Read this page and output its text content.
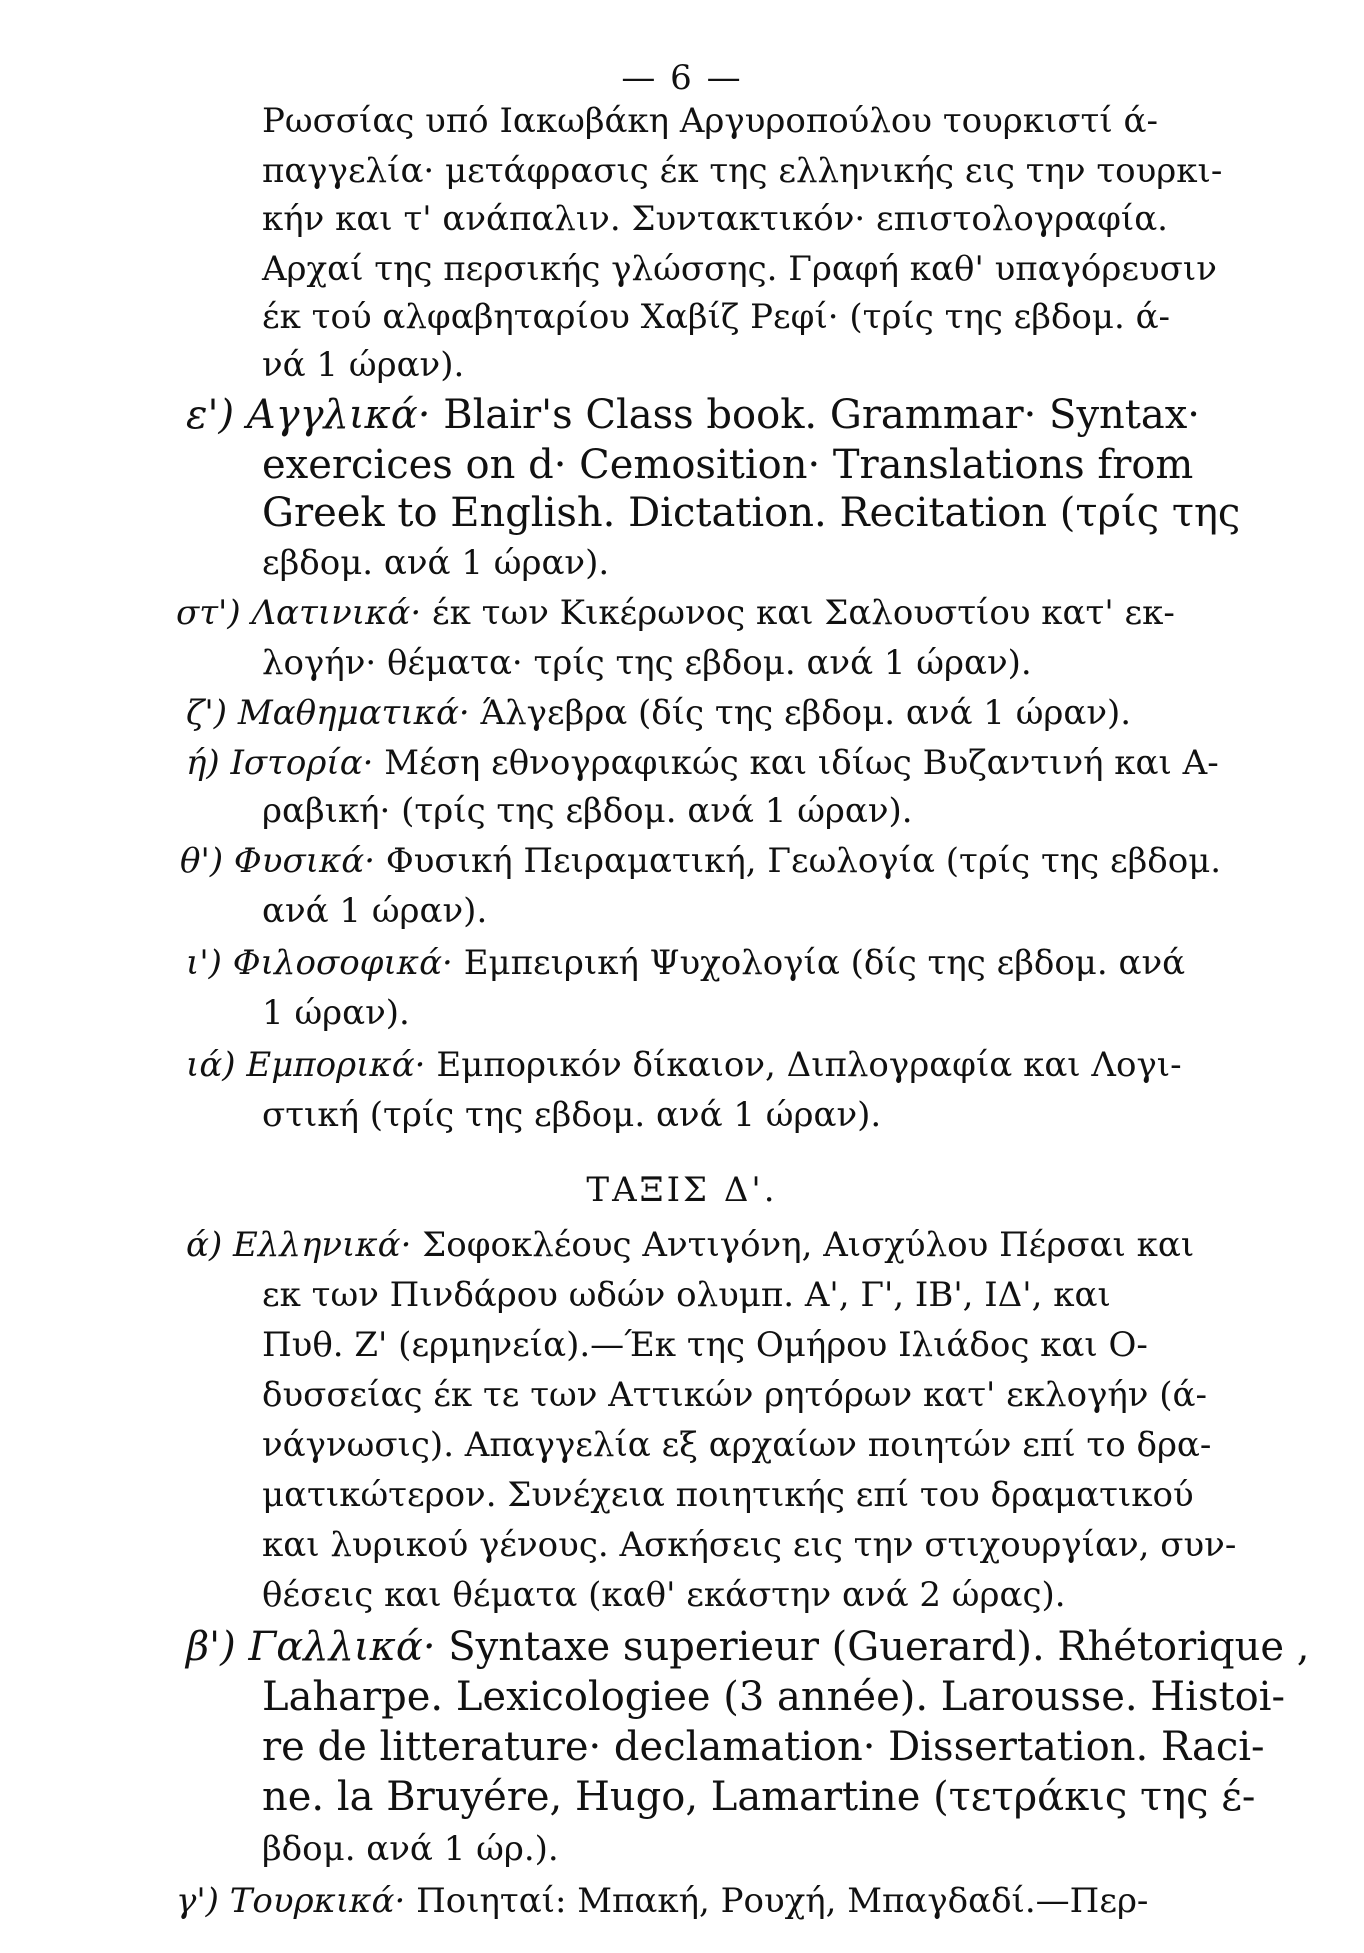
— 6 —
Ρωσσίας υπό Ιακωβάκη Αργυροπούλου τουρκιστί ά-
παγγελία· μετάφρασις έκ της ελληνικής εις την τουρκι-
κήν και τ' ανάπαλιν. Συντακτικόν· επιστολογραφία.
Αρχαί της περσικής γλώσσης. Γραφή καθ' υπαγόρευσιν
έκ τού αλφαβηταρίου Χαβίζ Ρεφί· (τρίς της εβδομ. ά-
νά 1 ώραν).
ε') Αγγλικά· Blair's Class book. Grammar· Syntax·
exercices on d· Cemosition· Translations from
Greek to English. Dictation. Recitation (τρίς της
εβδομ. ανά 1 ώραν).
στ') Λατινικά· έκ των Κικέρωνος και Σαλουστίου κατ' εκ-
λογήν· θέματα· τρίς της εβδομ. ανά 1 ώραν).
ζ') Μαθηματικά· Άλγεβρα (δίς της εβδομ. ανά 1 ώραν).
ή) Ιστορία· Μέση εθνογραφικώς και ιδίως Βυζαντινή και Α-
ραβική· (τρίς της εβδομ. ανά 1 ώραν).
θ') Φυσικά· Φυσική Πειραματική, Γεωλογία (τρίς της εβδομ.
ανά 1 ώραν).
ι') Φιλοσοφικά· Εμπειρική Ψυχολογία (δίς της εβδομ. ανά
1 ώραν).
ιά) Εμπορικά· Εμπορικόν δίκαιον, Διπλογραφία και Λογι-
στική (τρίς της εβδομ. ανά 1 ώραν).
ΤΑΞΙΣ Δ'.
ά) Ελληνικά· Σοφοκλέους Αντιγόνη, Αισχύλου Πέρσαι και
εκ των Πινδάρου ωδών ολυμπ. Α', Γ', ΙΒ', ΙΔ', και
Πυθ. Ζ' (ερμηνεία).—Έκ της Ομήρου Ιλιάδος και Ο-
δυσσείας έκ τε των Αττικών ρητόρων κατ' εκλογήν (ά-
νάγνωσις). Απαγγελία εξ αρχαίων ποιητών επί το δρα-
ματικώτερον. Συνέχεια ποιητικής επί του δραματικού
και λυρικού γένους. Ασκήσεις εις την στιχουργίαν, συν-
θέσεις και θέματα (καθ' εκάστην ανά 2 ώρας).
β') Γαλλικά· Syntaxe superieur (Guerard). Rhétorique ,
Laharpe. Lexicologiee (3 année). Larousse. Histoi-
re de litterature· declamation· Dissertation. Raci-
ne. la Bruyére, Hugo, Lamartine (τετράκις της έ-
βδομ. ανά 1 ώρ.).
γ') Τουρκικά· Ποιηταί: Μπακή, Ρουχή, Μπαγδαδί.—Περ-
